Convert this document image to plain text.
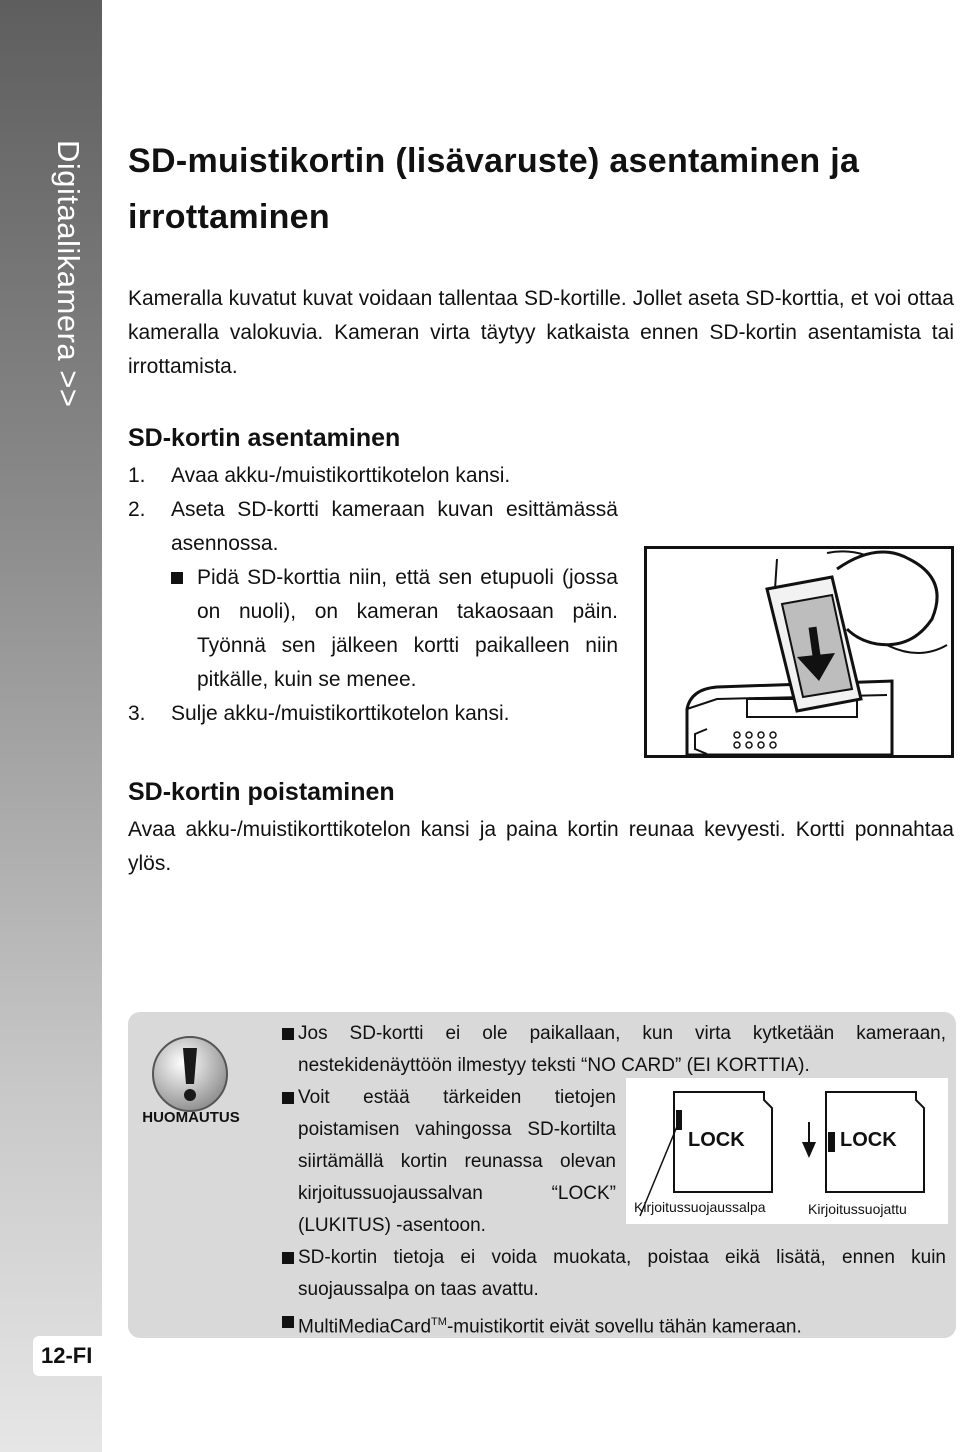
Digitaalikamera >>
12-FI
SD-muistikortin (lisävaruste) asentaminen ja irrottaminen

Kameralla kuvatut kuvat voidaan tallentaa SD-kortille. Jollet aseta SD-korttia, et voi ottaa kameralla valokuvia. Kameran virta täytyy katkaista ennen SD-kortin asentamista tai irrottamista.

SD-kortin asentaminen
1.	Avaa akku-/muistikorttikotelon kansi.
2.	Aseta SD-kortti kameraan kuvan esittämässä asennossa.
Pidä SD-korttia niin, että sen etupuoli (jossa on nuoli), on kameran takaosaan päin. Työnnä sen jälkeen kortti paikalleen niin pitkälle, kuin se menee.
3.	Sulje akku-/muistikorttikotelon kansi.
SD-kortin poistaminen

Avaa akku-/muistikorttikotelon kansi ja paina kortin reunaa kevyesti. Kortti ponnahtaa ylös.

HUOMAUTUS
Jos SD-kortti ei ole paikallaan, kun virta kytketään kameraan, nestekidenäyttöön ilmestyy teksti “NO CARD” (EI KORTTIA).
Voit estää tärkeiden tietojen poistamisen vahingossa SD-kortilta siirtämällä kortin reunassa olevan kirjoitussuojaussalvan “LOCK” (LUKITUS) -asentoon.
SD-kortin tietoja ei voida muokata, poistaa eikä lisätä, ennen kuin suojaussalpa on taas avattu.
MultiMediaCard™-muistikortit eivät sovellu tähän kameraan.
LOCK	LOCK
Kirjoitussuojaussalpa	Kirjoitussuojattu
